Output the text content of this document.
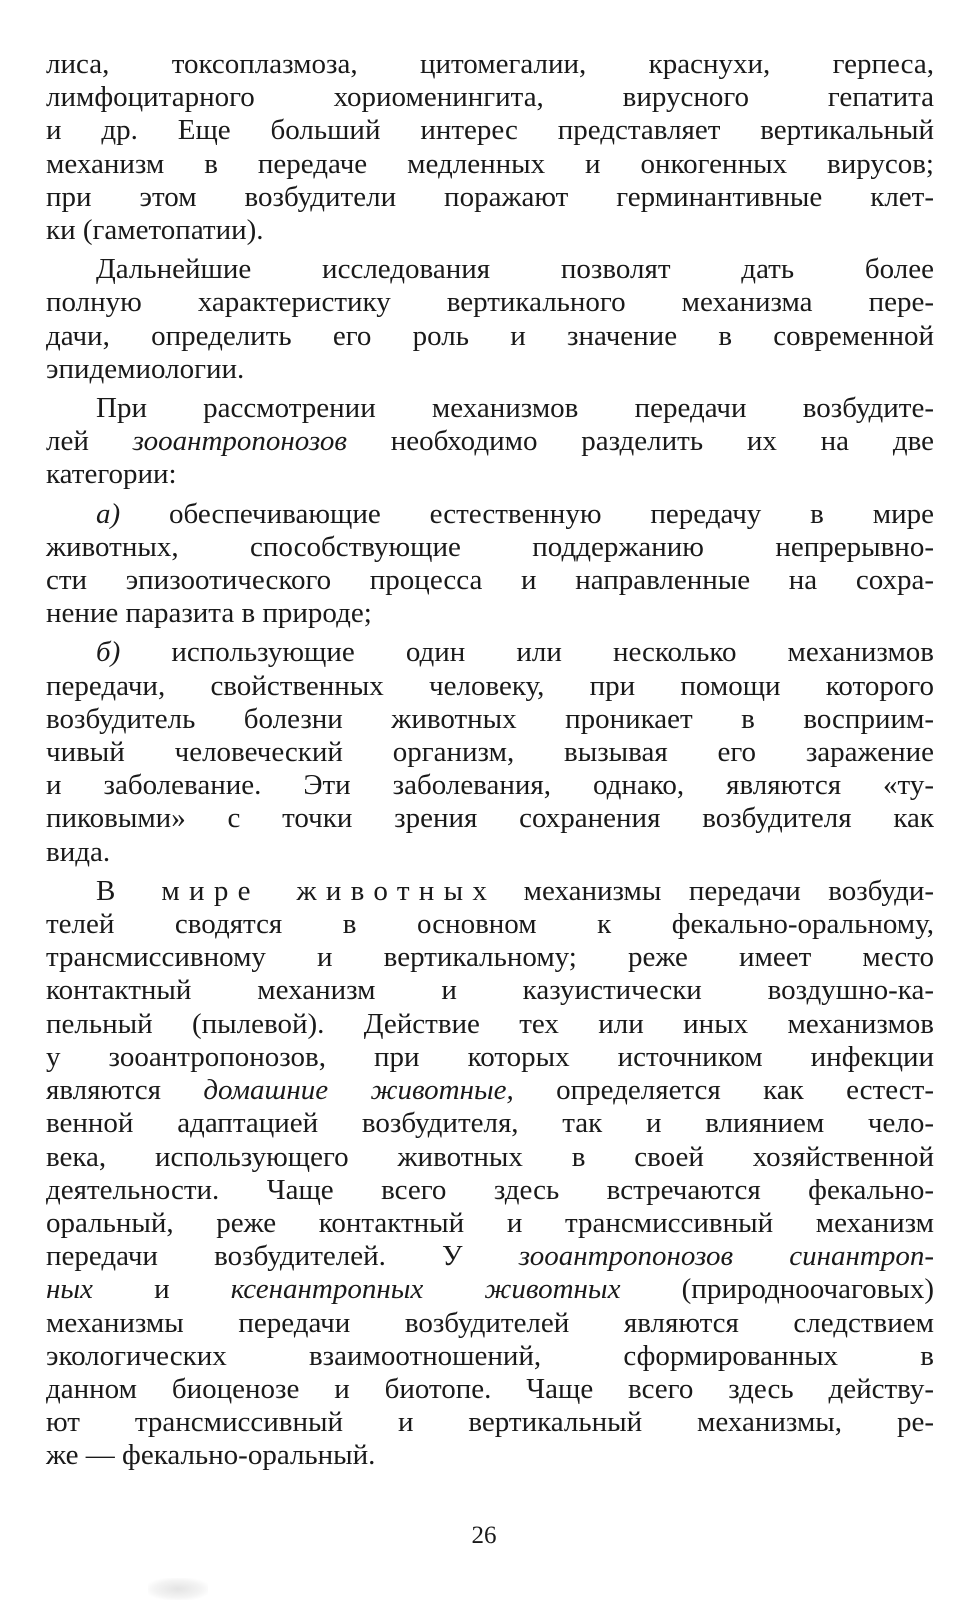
лиса, токсоплазмоза, цитомегалии, краснухи, герпеса,
лимфоцитарного хориоменингита, вирусного гепатита
и др. Еще больший интерес представляет вертикальный
механизм в передаче медленных и онкогенных вирусов;
при этом возбудители поражают герминантивные клет-
ки (гаметопатии).

Дальнейшие исследования позволят дать более
полную характеристику вертикального механизма пере-
дачи, определить его роль и значение в современной
эпидемиологии.

При рассмотрении механизмов передачи возбудите-
лей зооантропонозов необходимо разделить их на две
категории:

а) обеспечивающие естественную передачу в мире
животных, способствующие поддержанию непрерывно-
сти эпизоотического процесса и направленные на сохра-
нение паразита в природе;

б) использующие один или несколько механизмов
передачи, свойственных человеку, при помощи которого
возбудитель болезни животных проникает в восприим-
чивый человеческий организм, вызывая его заражение
и заболевание. Эти заболевания, однако, являются «ту-
пиковыми» с точки зрения сохранения возбудителя как
вида.

В мире животных механизмы передачи возбуди-
телей сводятся в основном к фекально-оральному,
трансмиссивному и вертикальному; реже имеет место
контактный механизм и казуистически воздушно-ка-
пельный (пылевой). Действие тех или иных механизмов
у зооантропонозов, при которых источником инфекции
являются домашние животные, определяется как естест-
венной адаптацией возбудителя, так и влиянием чело-
века, использующего животных в своей хозяйственной
деятельности. Чаще всего здесь встречаются фекально-
оральный, реже контактный и трансмиссивный механизм
передачи возбудителей. У зооантропонозов синантроп-
ных и ксенантропных животных (природноочаговых)
механизмы передачи возбудителей являются следствием
экологических взаимоотношений, сформированных в
данном биоценозе и биотопе. Чаще всего здесь действу-
ют трансмиссивный и вертикальный механизмы, ре-
же — фекально-оральный.

26
